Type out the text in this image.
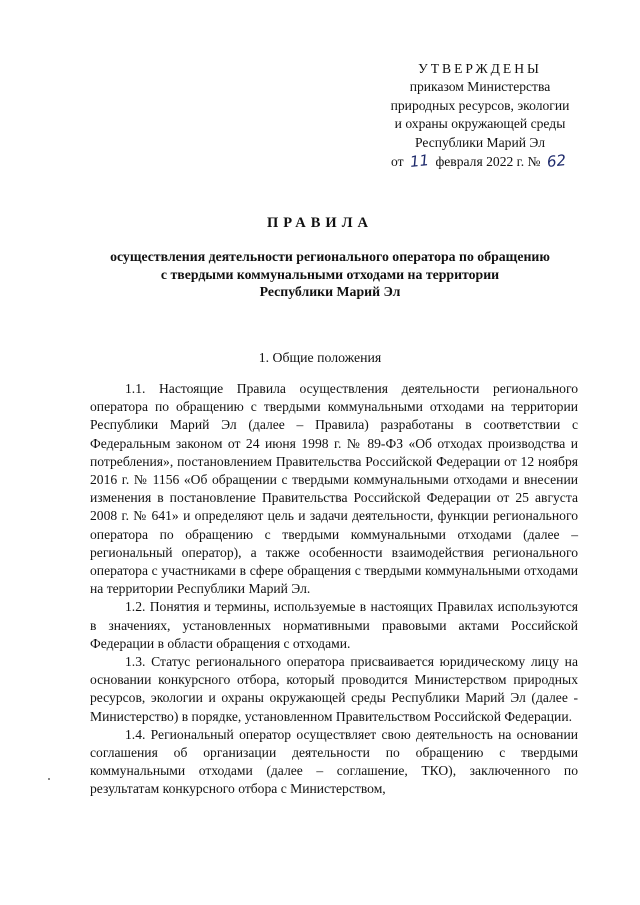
УТВЕРЖДЕНЫ
приказом Министерства
природных ресурсов, экологии
и охраны окружающей среды
Республики Марий Эл
от 11 февраля 2022 г. № 62
ПРАВИЛА
осуществления деятельности регионального оператора по обращению
с твердыми коммунальными отходами на территории
Республики Марий Эл
1. Общие положения

1.1. Настоящие Правила осуществления деятельности регионального оператора по обращению с твердыми коммунальными отходами на территории Республики Марий Эл (далее – Правила) разработаны в соответствии с Федеральным законом от 24 июня 1998 г. № 89-ФЗ «Об отходах производства и потребления», постановлением Правительства Российской Федерации от 12 ноября 2016 г. № 1156 «Об обращении с твердыми коммунальными отходами и внесении изменения в постановление Правительства Российской Федерации от 25 августа 2008 г. № 641» и определяют цель и задачи деятельности, функции регионального оператора по обращению с твердыми коммунальными отходами (далее – региональный оператор), а также особенности взаимодействия регионального оператора с участниками в сфере обращения с твердыми коммунальными отходами на территории Республики Марий Эл.

1.2. Понятия и термины, используемые в настоящих Правилах используются в значениях, установленных нормативными правовыми актами Российской Федерации в области обращения с отходами.

1.3. Статус регионального оператора присваивается юридическому лицу на основании конкурсного отбора, который проводится Министерством природных ресурсов, экологии и охраны окружающей среды Республики Марий Эл (далее - Министерство) в порядке, установленном Правительством Российской Федерации.

1.4. Региональный оператор осуществляет свою деятельность на основании соглашения об организации деятельности по обращению с твердыми коммунальными отходами (далее – соглашение, ТКО), заключенного по результатам конкурсного отбора с Министерством,
